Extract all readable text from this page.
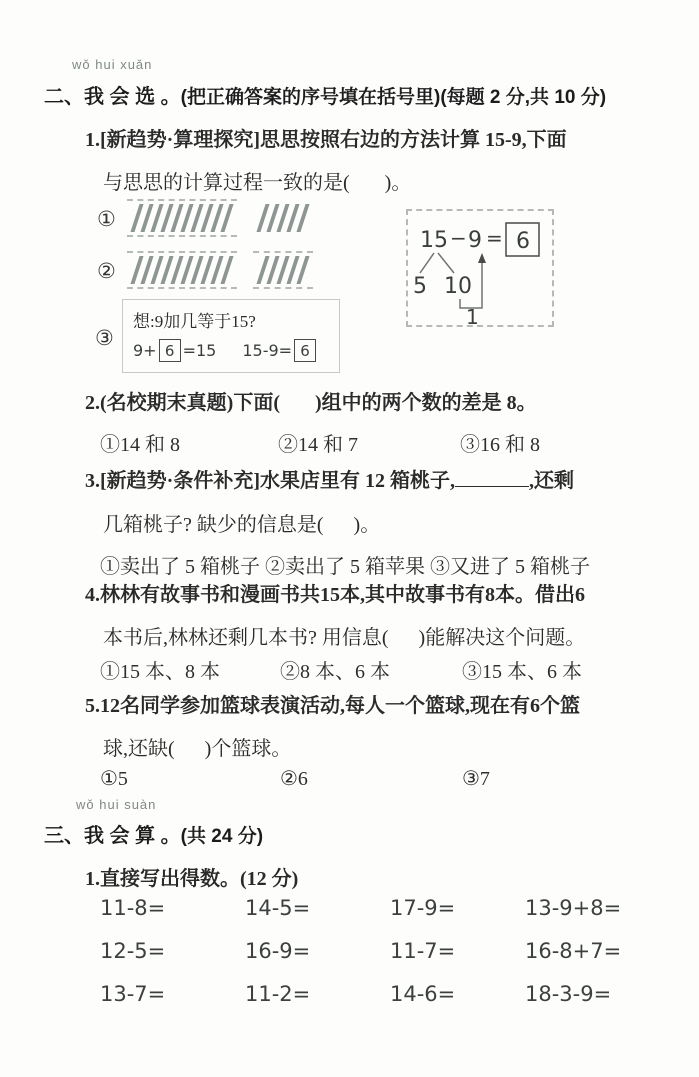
wǒ hui xuǎn
二、我 会 选 。(把正确答案的序号填在括号里)(每题 2 分,共 10 分)
1.[新趋势·算理探究]思思按照右边的方法计算 15-9,下面
与思思的计算过程一致的是(       )。
①
②
③
想:9加几等于15?
9+ 6 =15 15-9= 6
15 − 9 = 6
5 10
1
2.(名校期末真题)下面(       )组中的两个数的差是 8。
①14 和 8	②14 和 7	③16 和 8
3.[新趋势·条件补充]水果店里有 12 箱桃子,	,还剩
几箱桃子? 缺少的信息是(      )。
①卖出了 5 箱桃子 ②卖出了 5 箱苹果 ③又进了 5 箱桃子
4.林林有故事书和漫画书共15本,其中故事书有8本。借出6
本书后,林林还剩几本书? 用信息(      )能解决这个问题。
①15 本、8 本	②8 本、6 本	③15 本、6 本
5.12名同学参加篮球表演活动,每人一个篮球,现在有6个篮
球,还缺(      )个篮球。
①5	②6	③7
wǒ hui suàn
三、我 会 算 。(共 24 分)
1.直接写出得数。(12 分)
11-8=	14-5=	17-9=	13-9+8=
12-5=	16-9=	11-7=	16-8+7=
13-7=	11-2=	14-6=	18-3-9=
